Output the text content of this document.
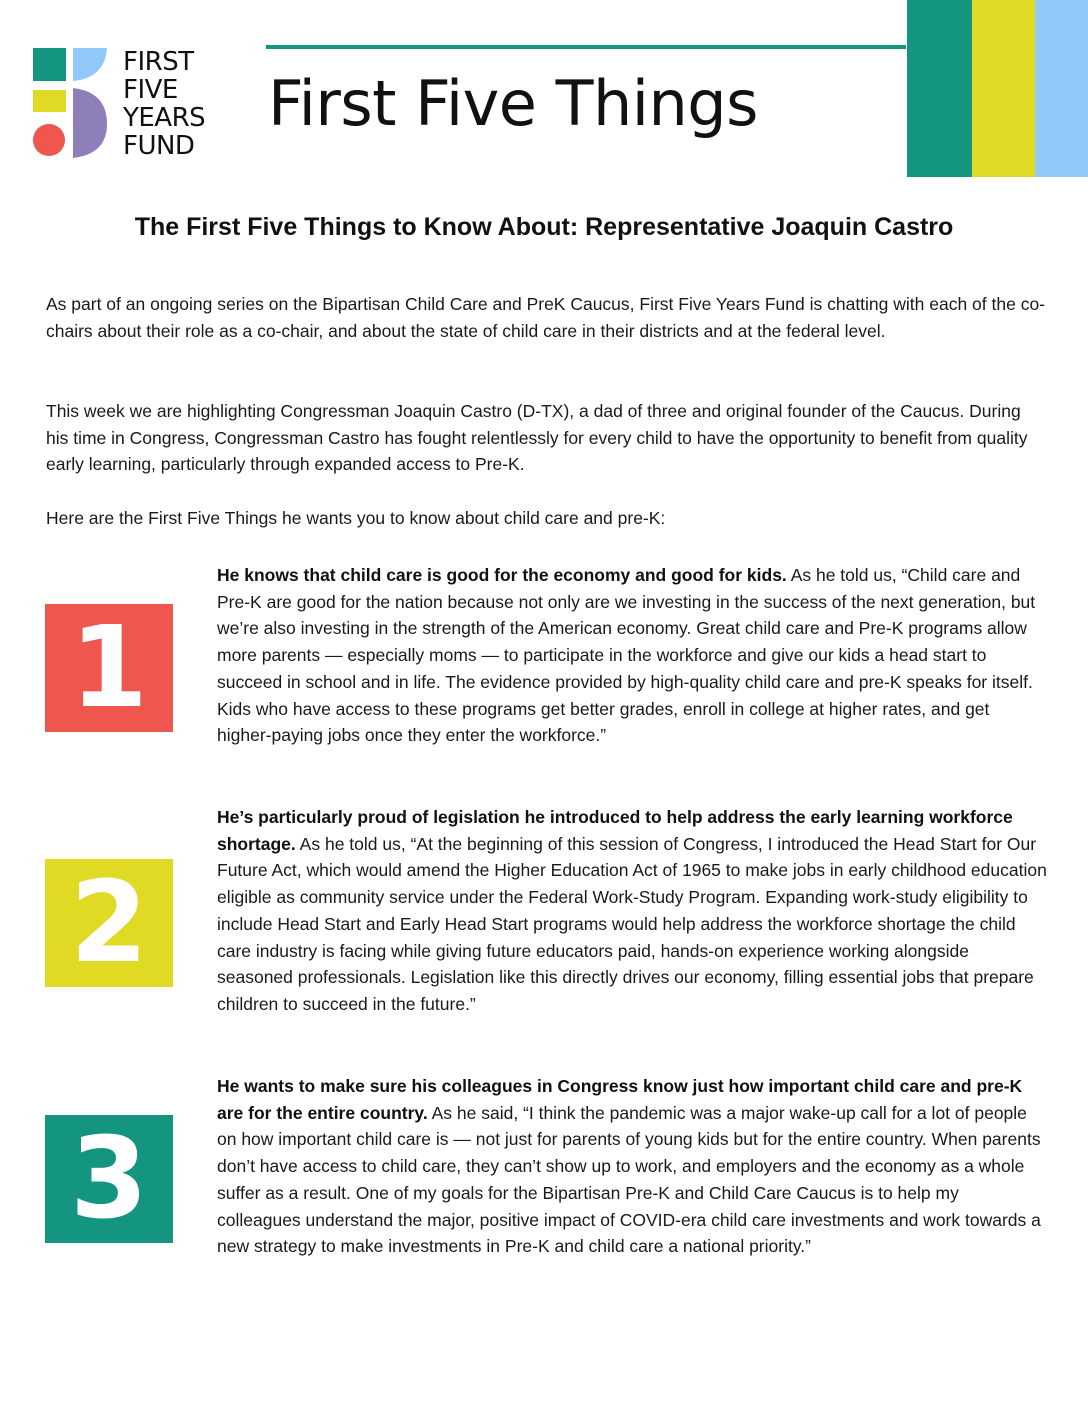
FIRST
FIVE
YEARS
FUND
First Five Things
The First Five Things to Know About: Representative Joaquin Castro

As part of an ongoing series on the Bipartisan Child Care and PreK Caucus, First Five Years Fund is chatting with each of the co-chairs about their role as a co-chair, and about the state of child care in their districts and at the federal level.

This week we are highlighting Congressman Joaquin Castro (D-TX), a dad of three and original founder of the Caucus. During his time in Congress, Congressman Castro has fought relentlessly for every child to have the opportunity to benefit from quality early learning, particularly through expanded access to Pre-K.

Here are the First Five Things he wants you to know about child care and pre-K:

1

He knows that child care is good for the economy and good for kids. As he told us, “Child care and Pre-K are good for the nation because not only are we investing in the success of the next generation, but we’re also investing in the strength of the American economy. Great child care and Pre-K programs allow more parents — especially moms — to participate in the workforce and give our kids a head start to succeed in school and in life. The evidence provided by high-quality child care and pre-K speaks for itself. Kids who have access to these programs get better grades, enroll in college at higher rates, and get higher-paying jobs once they enter the workforce.”

2

He’s particularly proud of legislation he introduced to help address the early learning workforce shortage. As he told us, “At the beginning of this session of Congress, I introduced the Head Start for Our Future Act, which would amend the Higher Education Act of 1965 to make jobs in early childhood education eligible as community service under the Federal Work-Study Program. Expanding work-study eligibility to include Head Start and Early Head Start programs would help address the workforce shortage the child care industry is facing while giving future educators paid, hands-on experience working alongside seasoned professionals. Legislation like this directly drives our economy, filling essential jobs that prepare children to succeed in the future.”

3

He wants to make sure his colleagues in Congress know just how important child care and pre-K are for the entire country. As he said, “I think the pandemic was a major wake-up call for a lot of people on how important child care is — not just for parents of young kids but for the entire country. When parents don’t have access to child care, they can’t show up to work, and employers and the economy as a whole suffer as a result. One of my goals for the Bipartisan Pre-K and Child Care Caucus is to help my colleagues understand the major, positive impact of COVID-era child care investments and work towards a new strategy to make investments in Pre-K and child care a national priority.”
